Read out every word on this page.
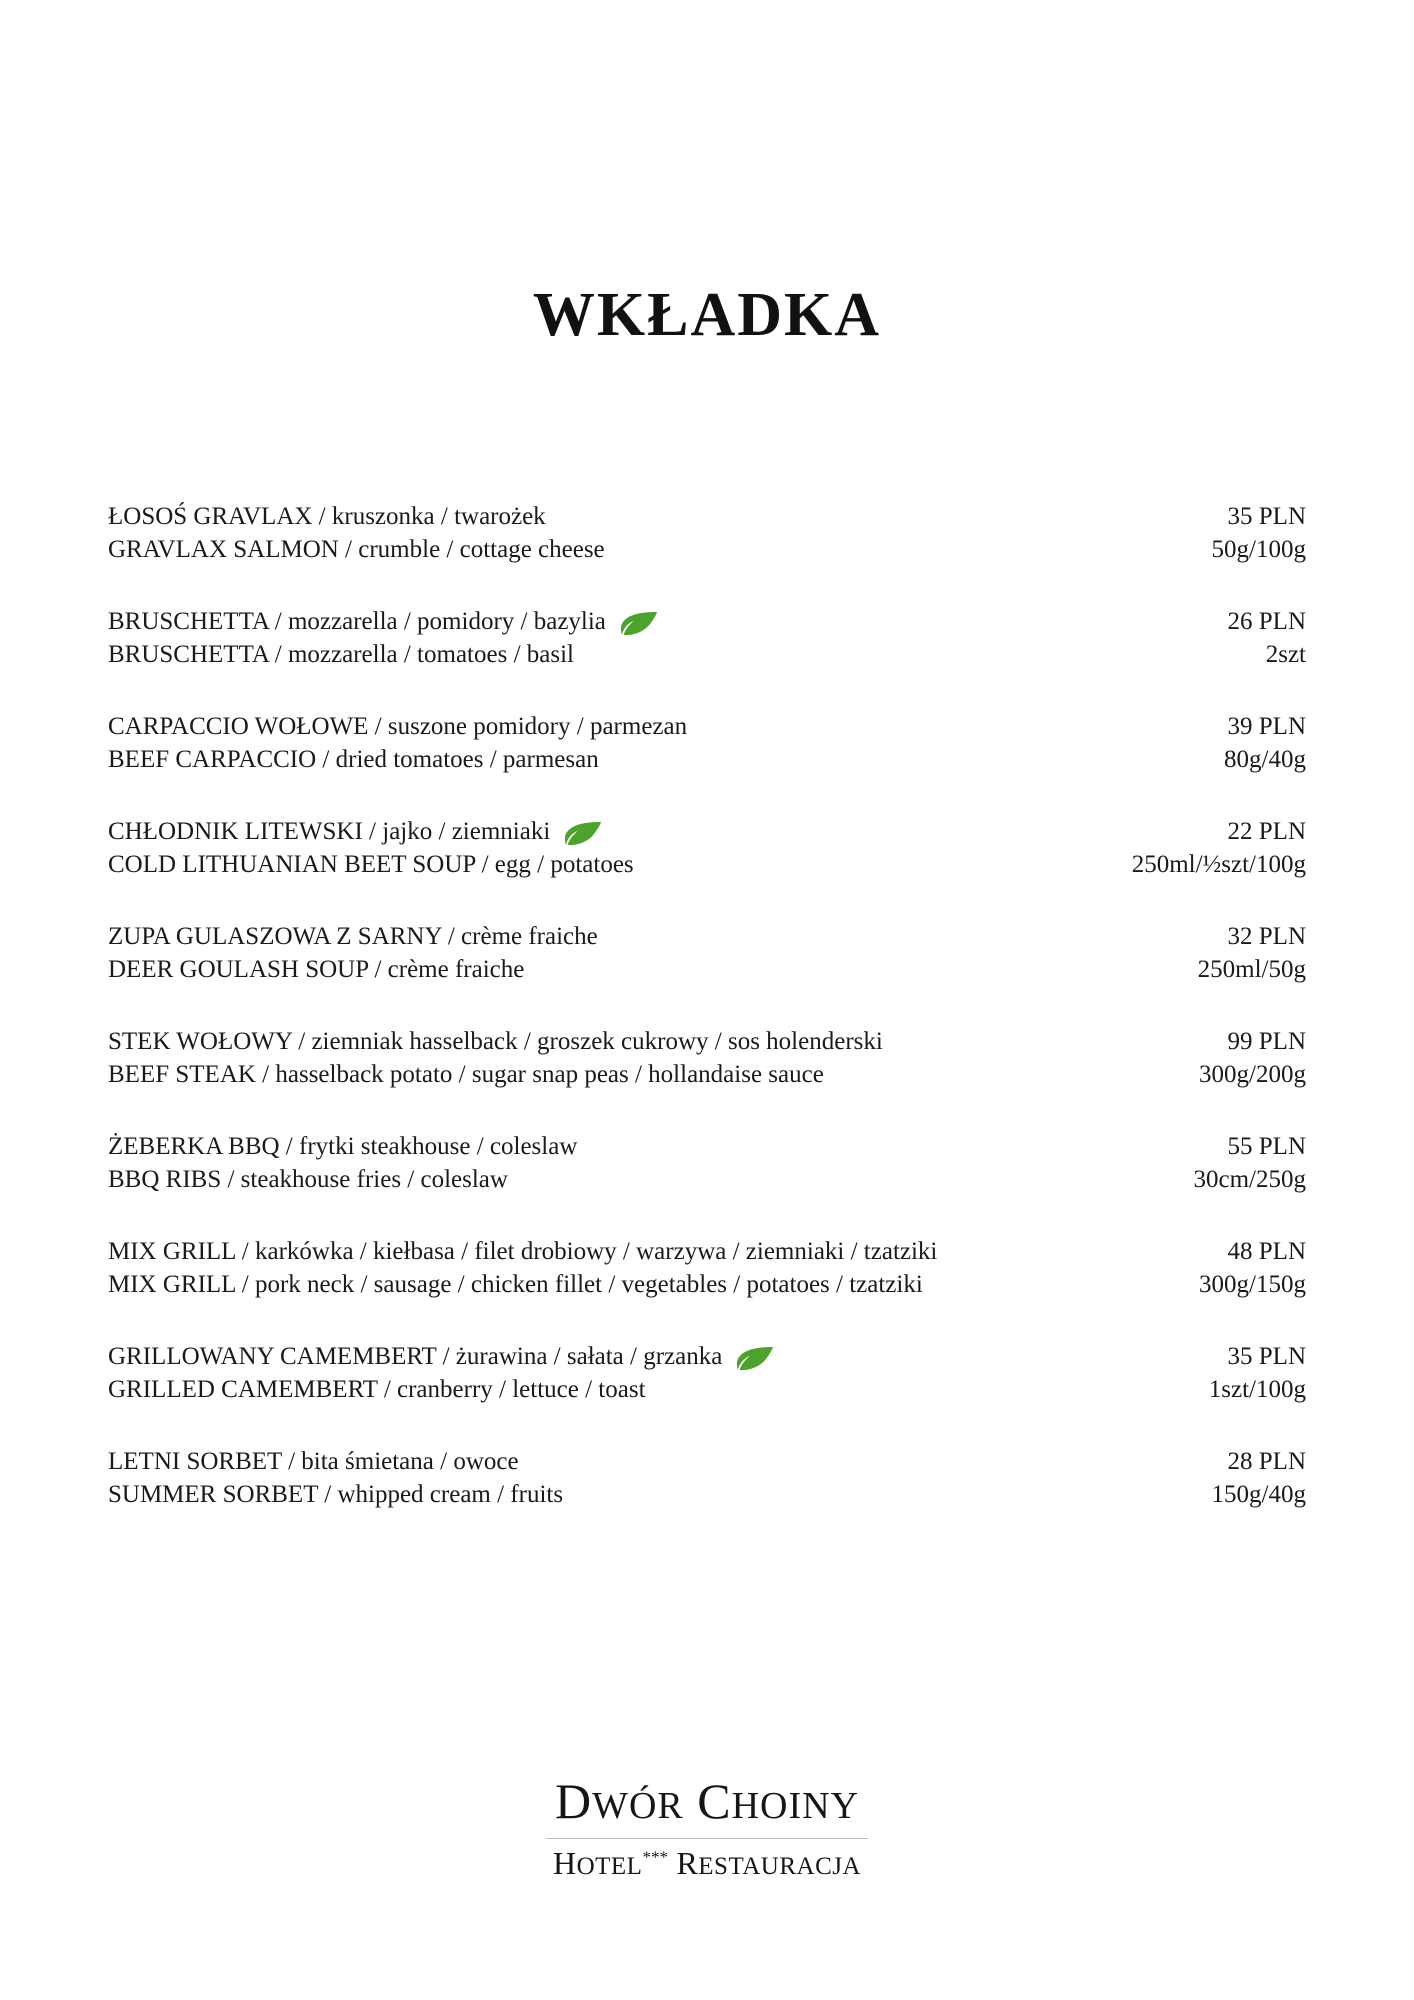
WKŁADKA
ŁOSOŚ GRAVLAX / kruszonka / twarożek
GRAVLAX SALMON / crumble / cottage cheese
35 PLN
50g/100g
BRUSCHETTA / mozzarella / pomidory / bazylia
BRUSCHETTA / mozzarella / tomatoes / basil
26 PLN
2szt
CARPACCIO WOŁOWE / suszone pomidory / parmezan
BEEF CARPACCIO / dried tomatoes / parmesan
39 PLN
80g/40g
CHŁODNIK LITEWSKI / jajko / ziemniaki
COLD LITHUANIAN BEET SOUP / egg / potatoes
22 PLN
250ml/½szt/100g
ZUPA GULASZOWA Z SARNY / crème fraiche
DEER GOULASH SOUP / crème fraiche
32 PLN
250ml/50g
STEK WOŁOWY / ziemniak hasselback / groszek cukrowy / sos holenderski
BEEF STEAK / hasselback potato / sugar snap peas / hollandaise sauce
99 PLN
300g/200g
ŻEBERKA BBQ / frytki steakhouse / coleslaw
BBQ RIBS / steakhouse fries / coleslaw
55 PLN
30cm/250g
MIX GRILL / karkówka / kiełbasa / filet drobiowy / warzywa / ziemniaki / tzatziki
MIX GRILL / pork neck / sausage / chicken fillet / vegetables / potatoes / tzatziki
48 PLN
300g/150g
GRILLOWANY CAMEMBERT / żurawina / sałata / grzanka
GRILLED CAMEMBERT / cranberry / lettuce / toast
35 PLN
1szt/100g
LETNI SORBET / bita śmietana / owoce
SUMMER SORBET / whipped cream / fruits
28 PLN
150g/40g
DWÓR CHOINY
HOTEL*** RESTAURACJA
